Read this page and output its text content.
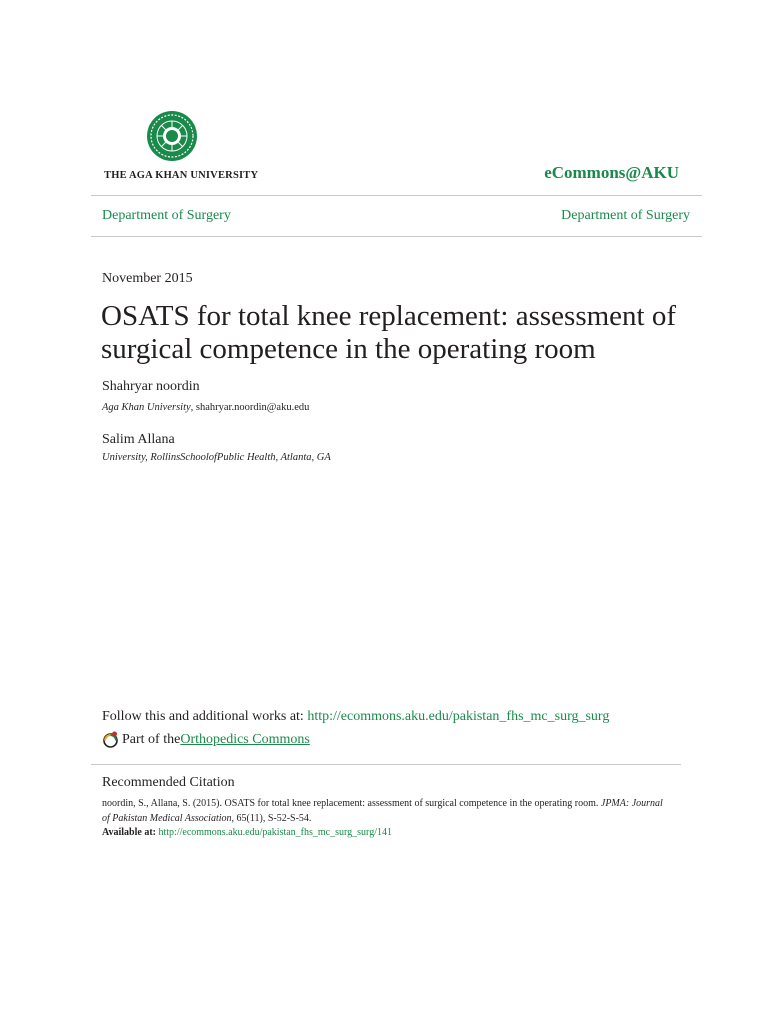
THE AGA KHAN UNIVERSITY	eCommons@AKU
Department of Surgery	Department of Surgery
November 2015
OSATS for total knee replacement: assessment of surgical competence in the operating room
Shahryar noordin
Aga Khan University, shahryar.noordin@aku.edu
Salim Allana
University, RollinsSchoolofPublic Health, Atlanta, GA
Follow this and additional works at: http://ecommons.aku.edu/pakistan_fhs_mc_surg_surg
Part of the Orthopedics Commons
Recommended Citation
noordin, S., Allana, S. (2015). OSATS for total knee replacement: assessment of surgical competence in the operating room. JPMA: Journal of Pakistan Medical Association, 65(11), S-52-S-54.
Available at: http://ecommons.aku.edu/pakistan_fhs_mc_surg_surg/141
